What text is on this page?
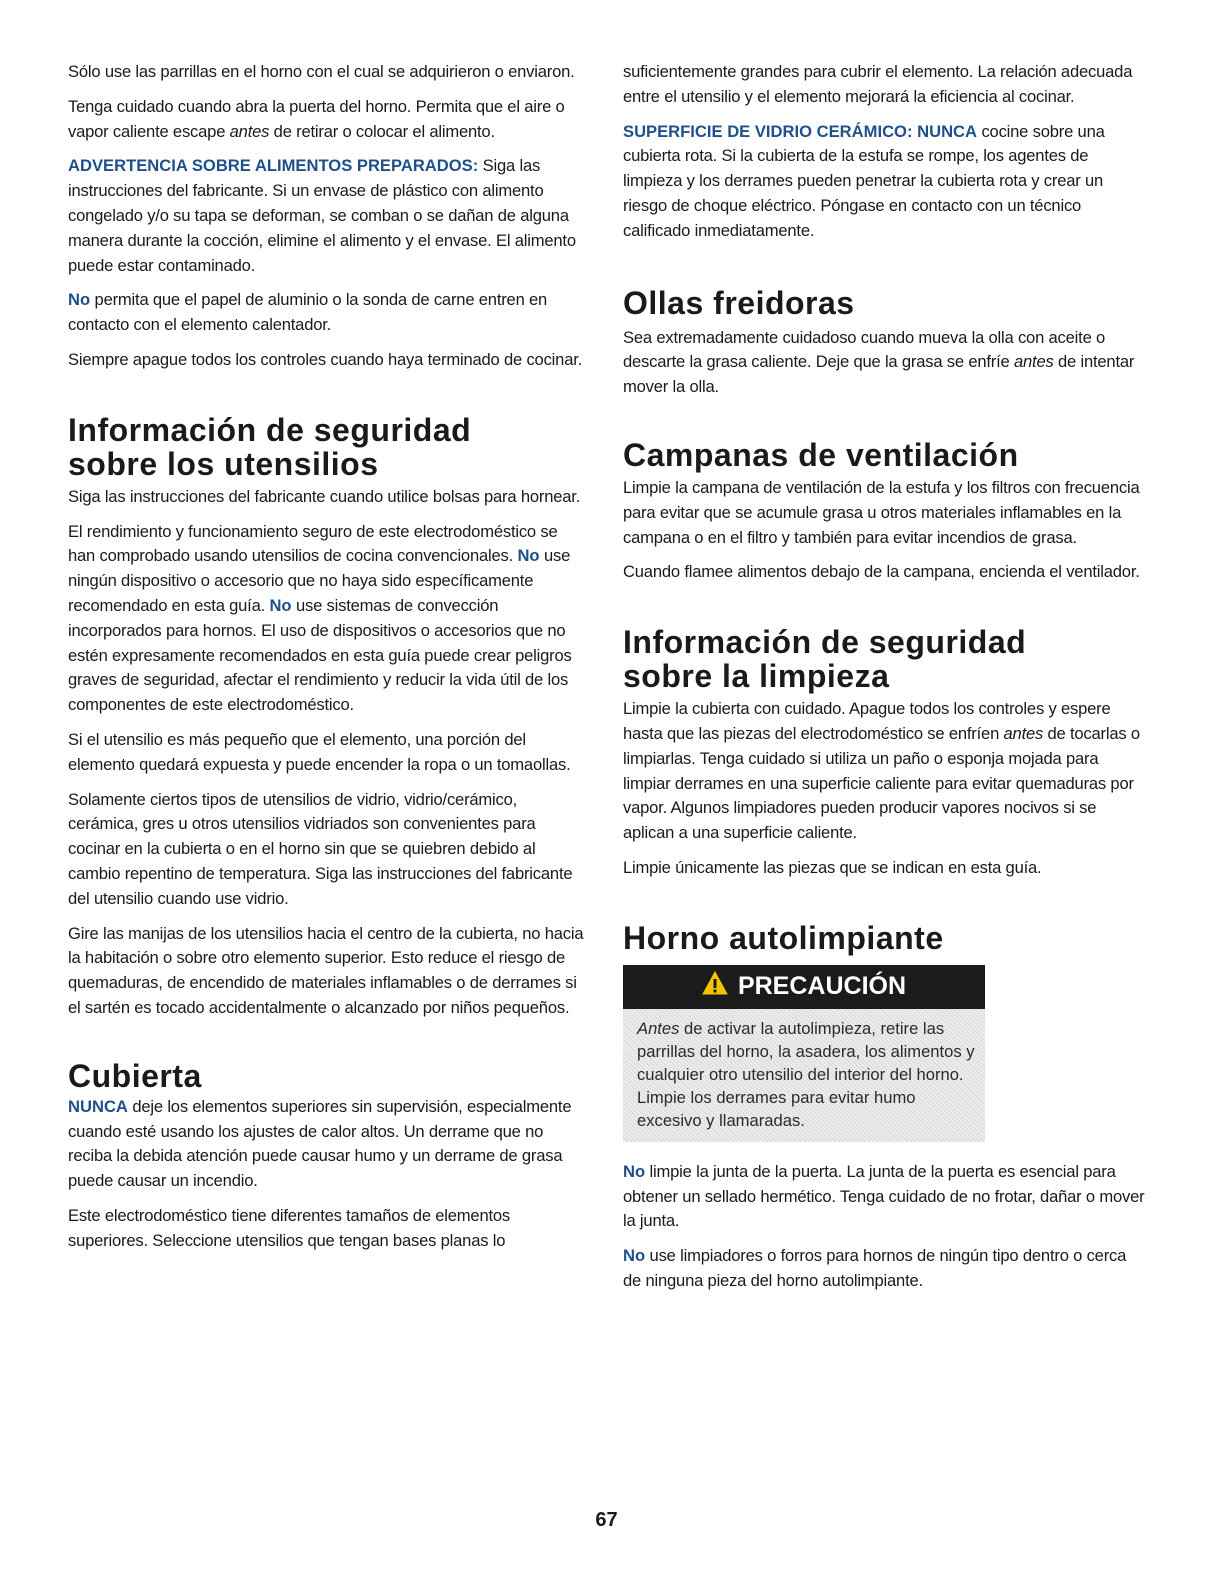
Sólo use las parrillas en el horno con el cual se adquirieron o enviaron.

Tenga cuidado cuando abra la puerta del horno. Permita que el aire o vapor caliente escape antes de retirar o colocar el alimento.

ADVERTENCIA SOBRE ALIMENTOS PREPARADOS: Siga las instrucciones del fabricante. Si un envase de plástico con alimento congelado y/o su tapa se deforman, se comban o se dañan de alguna manera durante la cocción, elimine el alimento y el envase. El alimento puede estar contaminado.

No permita que el papel de aluminio o la sonda de carne entren en contacto con el elemento calentador.

Siempre apague todos los controles cuando haya terminado de cocinar.

Información de seguridad
sobre los utensilios

Siga las instrucciones del fabricante cuando utilice bolsas para hornear.

El rendimiento y funcionamiento seguro de este electrodoméstico se han comprobado usando utensilios de cocina convencionales. No use ningún dispositivo o accesorio que no haya sido específicamente recomendado en esta guía. No use sistemas de convección incorporados para hornos. El uso de dispositivos o accesorios que no estén expresamente recomendados en esta guía puede crear peligros graves de seguridad, afectar el rendimiento y reducir la vida útil de los componentes de este electrodoméstico.

Si el utensilio es más pequeño que el elemento, una porción del elemento quedará expuesta y puede encender la ropa o un tomaollas.

Solamente ciertos tipos de utensilios de vidrio, vidrio/cerámico, cerámica, gres u otros utensilios vidriados son convenientes para cocinar en la cubierta o en el horno sin que se quiebren debido al cambio repentino de temperatura. Siga las instrucciones del fabricante del utensilio cuando use vidrio.

Gire las manijas de los utensilios hacia el centro de la cubierta, no hacia la habitación o sobre otro elemento superior. Esto reduce el riesgo de quemaduras, de encendido de materiales inflamables o de derrames si el sartén es tocado accidentalmente o alcanzado por niños pequeños.

Cubierta

NUNCA deje los elementos superiores sin supervisión, especialmente cuando esté usando los ajustes de calor altos. Un derrame que no reciba la debida atención puede causar humo y un derrame de grasa puede causar un incendio.

Este electrodoméstico tiene diferentes tamaños de elementos superiores. Seleccione utensilios que tengan bases planas lo

suficientemente grandes para cubrir el elemento. La relación adecuada entre el utensilio y el elemento mejorará la eficiencia al cocinar.

SUPERFICIE DE VIDRIO CERÁMICO: NUNCA cocine sobre una cubierta rota. Si la cubierta de la estufa se rompe, los agentes de limpieza y los derrames pueden penetrar la cubierta rota y crear un riesgo de choque eléctrico. Póngase en contacto con un técnico calificado inmediatamente.

Ollas freidoras

Sea extremadamente cuidadoso cuando mueva la olla con aceite o descarte la grasa caliente. Deje que la grasa se enfríe antes de intentar mover la olla.

Campanas de ventilación

Limpie la campana de ventilación de la estufa y los filtros con frecuencia para evitar que se acumule grasa u otros materiales inflamables en la campana o en el filtro y también para evitar incendios de grasa.

Cuando flamee alimentos debajo de la campana, encienda el ventilador.

Información de seguridad
sobre la limpieza

Limpie la cubierta con cuidado. Apague todos los controles y espere hasta que las piezas del electrodoméstico se enfríen antes de tocarlas o limpiarlas. Tenga cuidado si utiliza un paño o esponja mojada para limpiar derrames en una superficie caliente para evitar quemaduras por vapor. Algunos limpiadores pueden producir vapores nocivos si se aplican a una superficie caliente.

Limpie únicamente las piezas que se indican en esta guía.

Horno autolimpiante
PRECAUCIÓN
Antes de activar la autolimpieza, retire las parrillas del horno, la asadera, los alimentos y cualquier otro utensilio del interior del horno. Limpie los derrames para evitar humo excesivo y llamaradas.

No limpie la junta de la puerta. La junta de la puerta es esencial para obtener un sellado hermético. Tenga cuidado de no frotar, dañar o mover la junta.

No use limpiadores o forros para hornos de ningún tipo dentro o cerca de ninguna pieza del horno autolimpiante.

67
